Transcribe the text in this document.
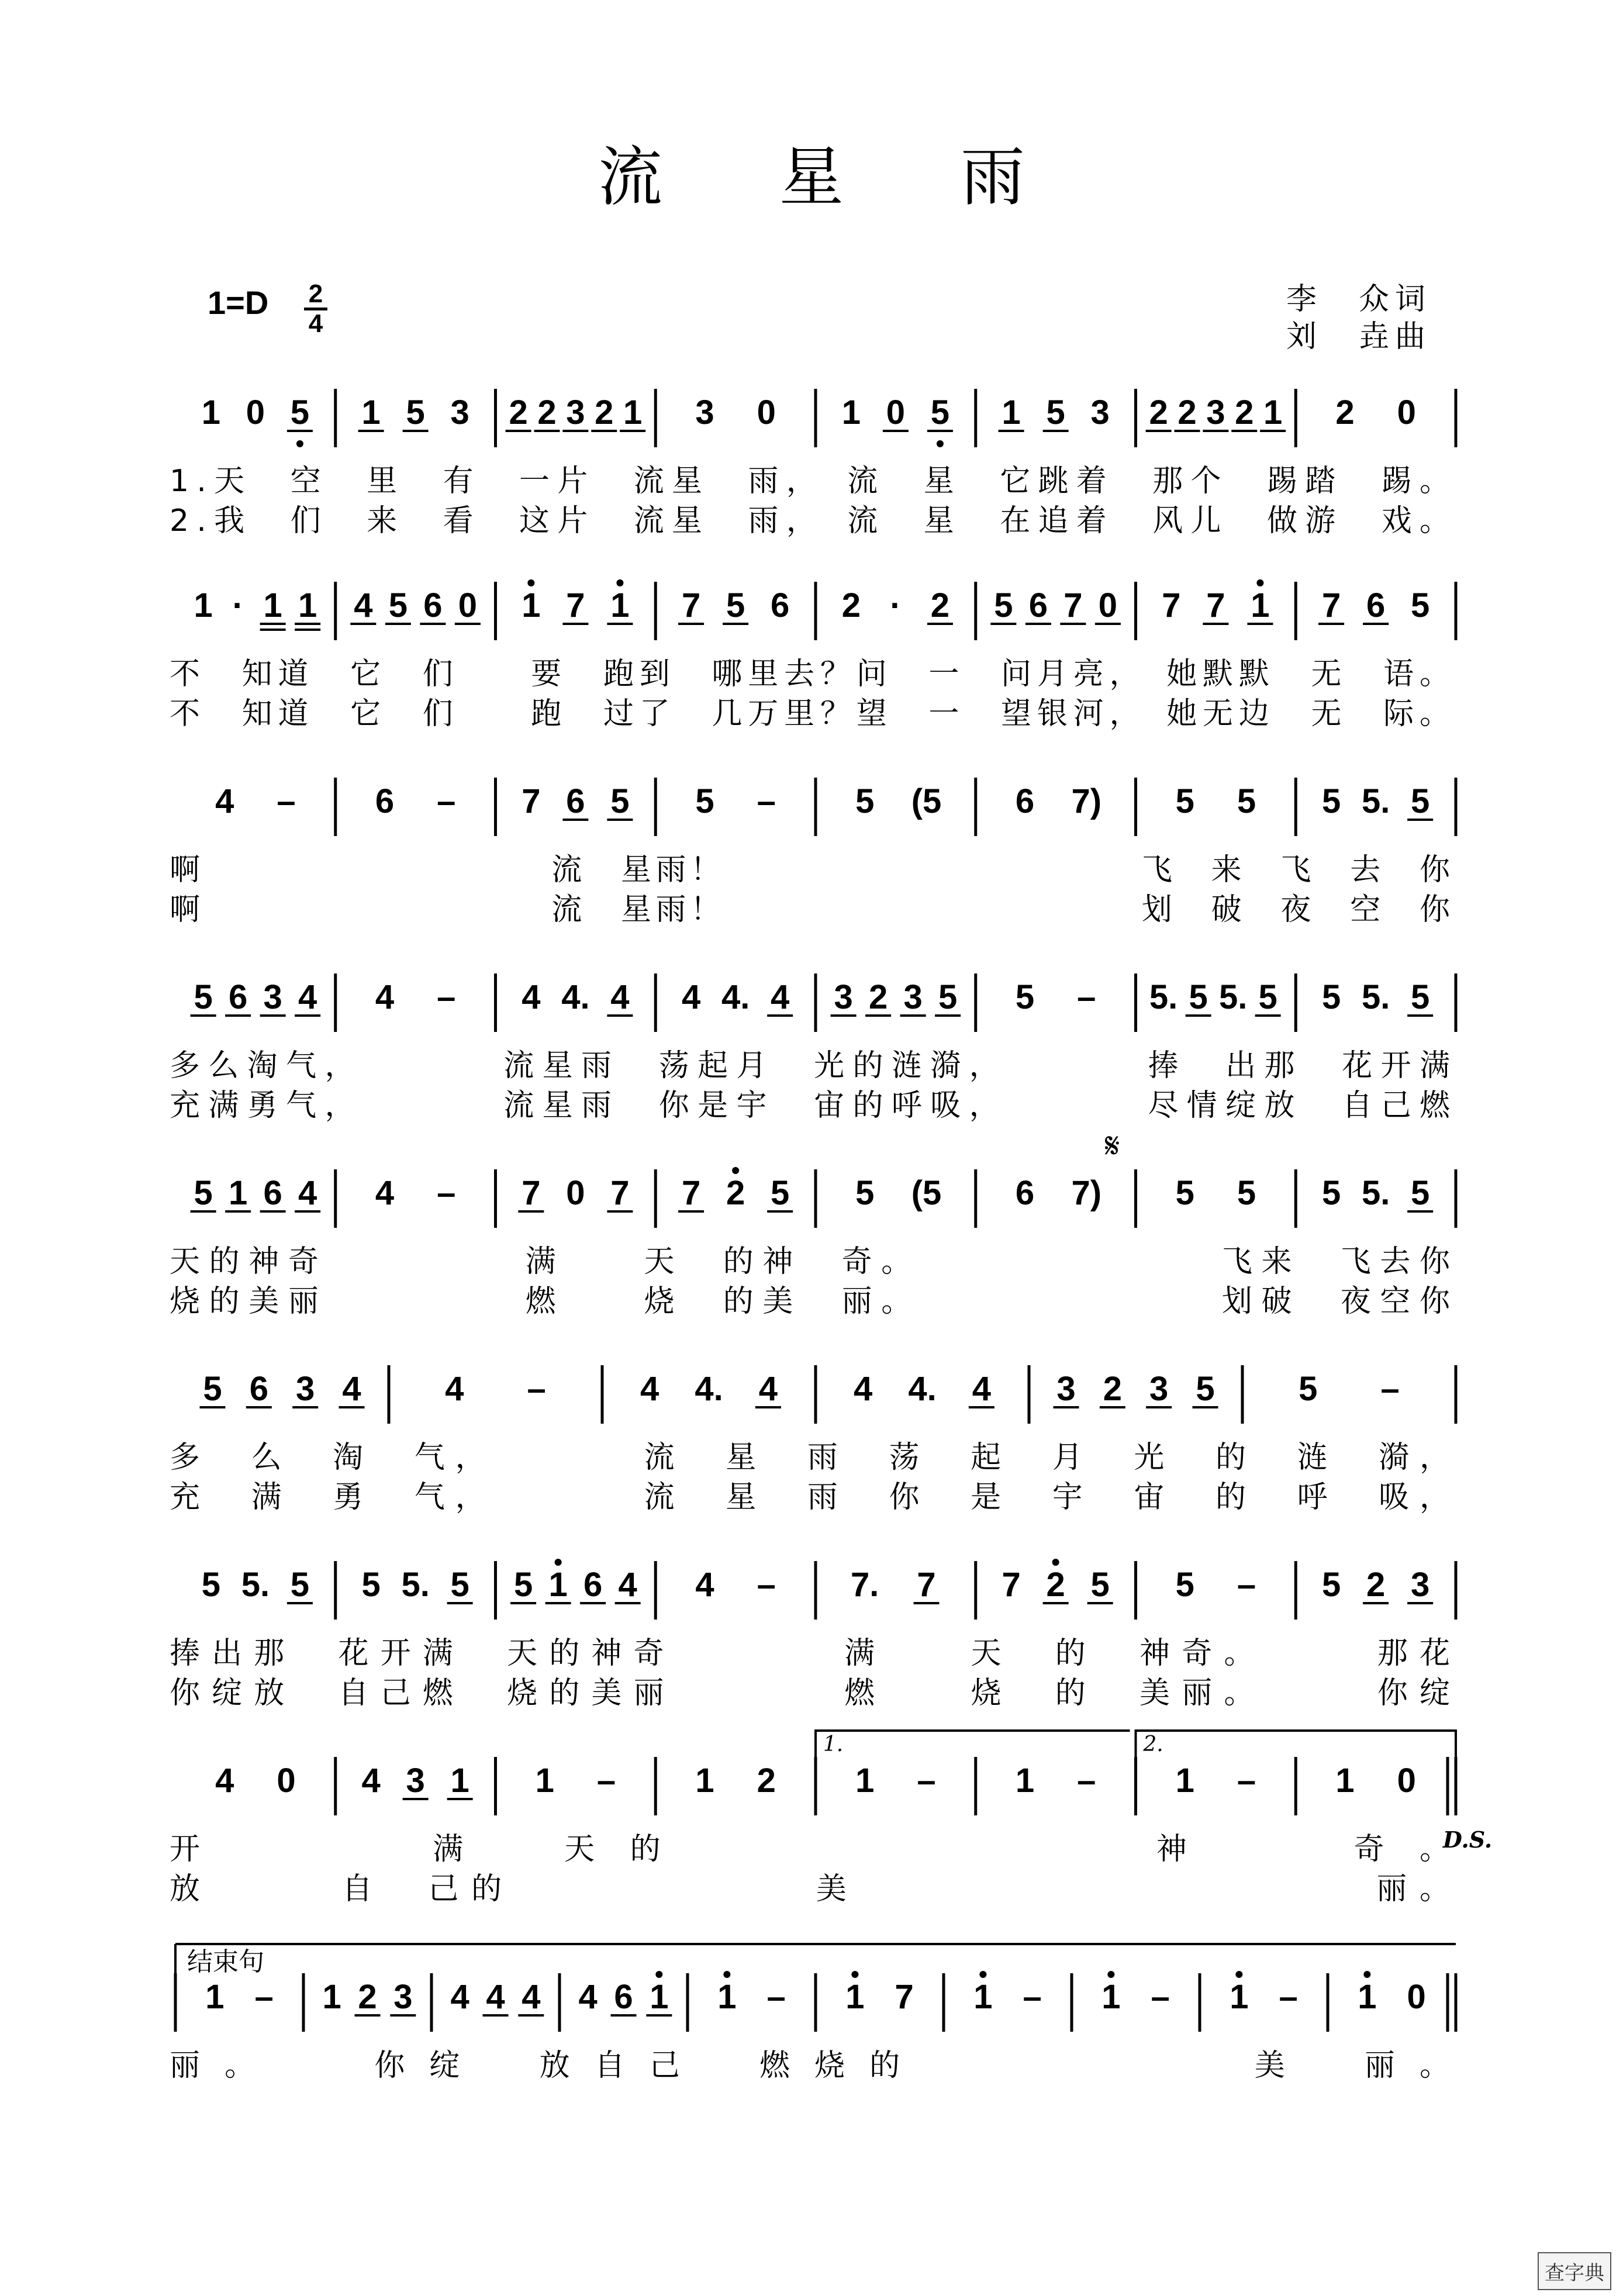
流星雨
1=D 2
4
李　众词
刘　垚曲
1 0 5 1 5 3 2 2 3 2 1 3 0 1 0 5 1 5 3 2 2 3 2 1 2 0
1.天　空　里　有　一片　流星　雨，　流　星　它跳着　那个　踢踏　踢。
2.我　们　来　看　这片　流星　雨，　流　星　在追着　风儿　做游　戏。
1 · 1 1 4 5 6 0 1 7 1 7 5 6 2 · 2 5 6 7 0 7 7 1 7 6 5
不　知道　它　们　　要　跑到　哪里去？问　一　问月亮，　她默默　无　语。
不　知道　它　们　　跑　过了　几万里？望　一　望银河，　她无边　无　际。
4 – 6 – 7 6 5 5 – 5 (5 6 7) 5 5 5 5. 5
啊　　　　　　　　　　流　星雨！　　　　　　　　　　　　飞　来　飞　去　你
啊　　　　　　　　　　流　星雨！　　　　　　　　　　　　划　破　夜　空　你
5 6 3 4 4 – 4 4. 4 4 4. 4 3 2 3 5 5 – 5. 5 5. 5 5 5. 5
多么淘气，　　　　流星雨　荡起月　光的涟漪，　　　　捧　出那　花开满
充满勇气，　　　　流星雨　你是宇　宙的呼吸，　　　　尽情绽放　自己燃
𝄋
5 1 6 4 4 – 7 0 7 7 2 5 5 (5 6 7) 5 5 5 5. 5
天的神奇　　　　　满　　天　的神　奇。　　　　　　　　飞来　飞去你
烧的美丽　　　　　燃　　烧　的美　丽。　　　　　　　　划破　夜空你
5 6 3 4 4 –	4 4. 4 4 4. 4 3 2 3 5 5 –
多　么　淘　气，　　　　流　星　雨　荡　起　月　光　的　涟　漪，
充　满　勇　气，　　　　流　星　雨　你　是　宇　宙　的　呼　吸，
5 5. 5 5 5. 5 5 1 6 4 4 – 7. 7 7 2 5 5 – 5 2 3
捧出那　花开满　天的神奇　　　　满　　天　的　神奇。　　　那花
你绽放　自己燃　烧的美丽　　　　燃　　烧　的　美丽。　　　你绽
1.	2.
D.S.
4 0 4 3 1 1 – 1 2 1 – 1 – 1 – 1 0
开　　　满　天的　　　　　　　神　　奇。
放　　　自　己的　　　　　　　美　　　　　　　　　　　　丽。
结束句
1 – 1 2 3 4 4 4 4 6 1 1 – 1 7 1 – 1 – 1 – 1 0
丽。　　你绽　放自己　燃烧的　　　　　　美　丽。
查字典
